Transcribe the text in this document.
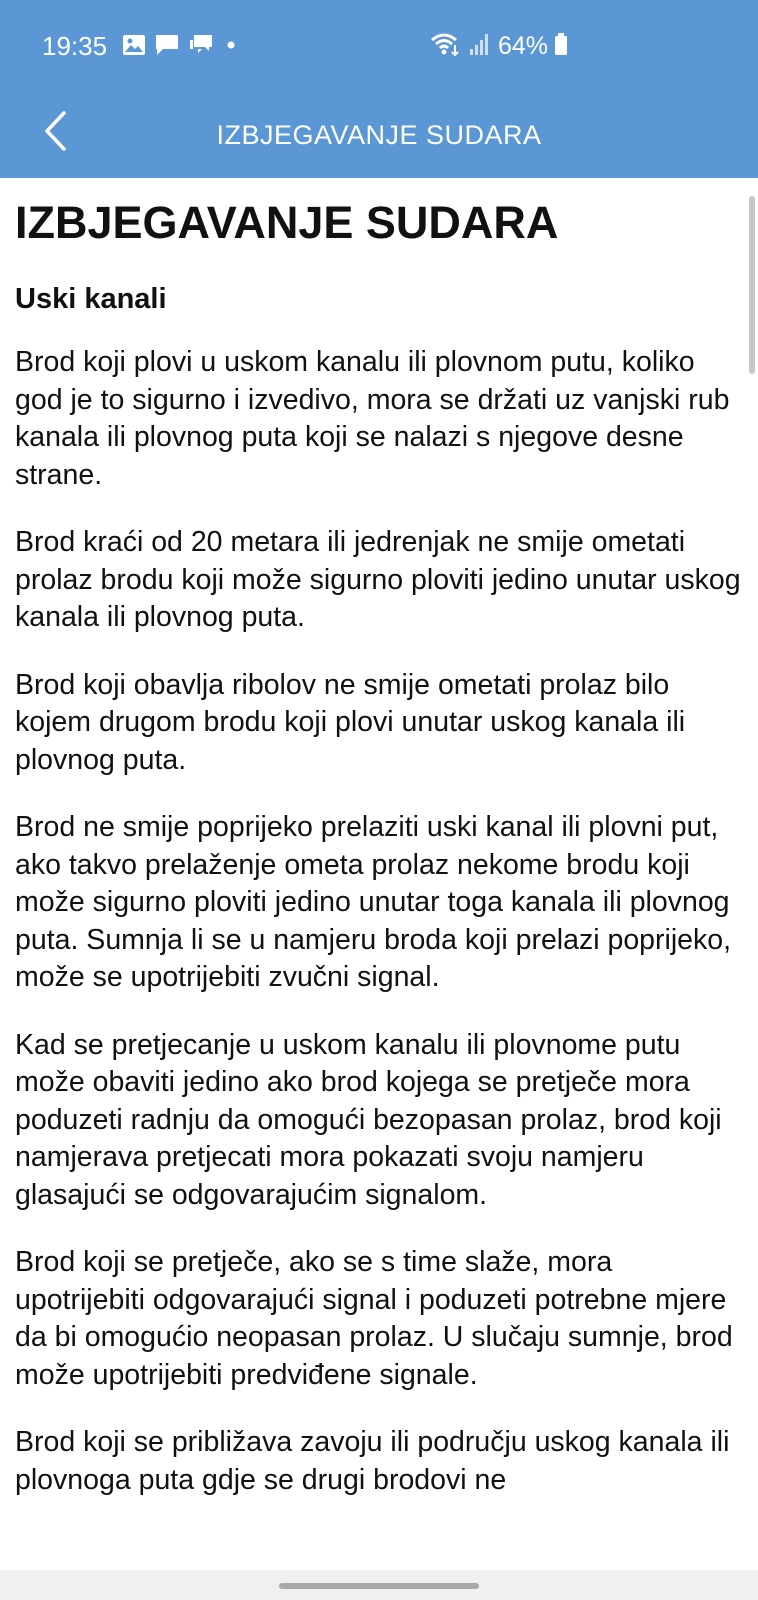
19:35	64%
IZBJEGAVANJE SUDARA
IZBJEGAVANJE SUDARA
Uski kanali

Brod koji plovi u uskom kanalu ili plovnom putu, koliko god je to sigurno i izvedivo, mora se držati uz vanjski rub kanala ili plovnog puta koji se nalazi s njegove desne strane.

Brod kraći od 20 metara ili jedrenjak ne smije ometati prolaz brodu koji može sigurno ploviti jedino unutar uskog kanala ili plovnog puta.

Brod koji obavlja ribolov ne smije ometati prolaz bilo kojem drugom brodu koji plovi unutar uskog kanala ili plovnog puta.

Brod ne smije poprijeko prelaziti uski kanal ili plovni put, ako takvo prelaženje ometa prolaz nekome brodu koji može sigurno ploviti jedino unutar toga kanala ili plovnog puta. Sumnja li se u namjeru broda koji prelazi poprijeko, može se upotrijebiti zvučni signal.

Kad se pretjecanje u uskom kanalu ili plovnome putu može obaviti jedino ako brod kojega se pretječe mora poduzeti radnju da omogući bezopasan prolaz, brod koji namjerava pretjecati mora pokazati svoju namjeru glasajući se odgovarajućim signalom.

Brod koji se pretječe, ako se s time slaže, mora upotrijebiti odgovarajući signal i poduzeti potrebne mjere da bi omogućio neopasan prolaz. U slučaju sumnje, brod može upotrijebiti predviđene signale.

Brod koji se približava zavoju ili području uskog kanala ili plovnoga puta gdje se drugi brodovi ne
